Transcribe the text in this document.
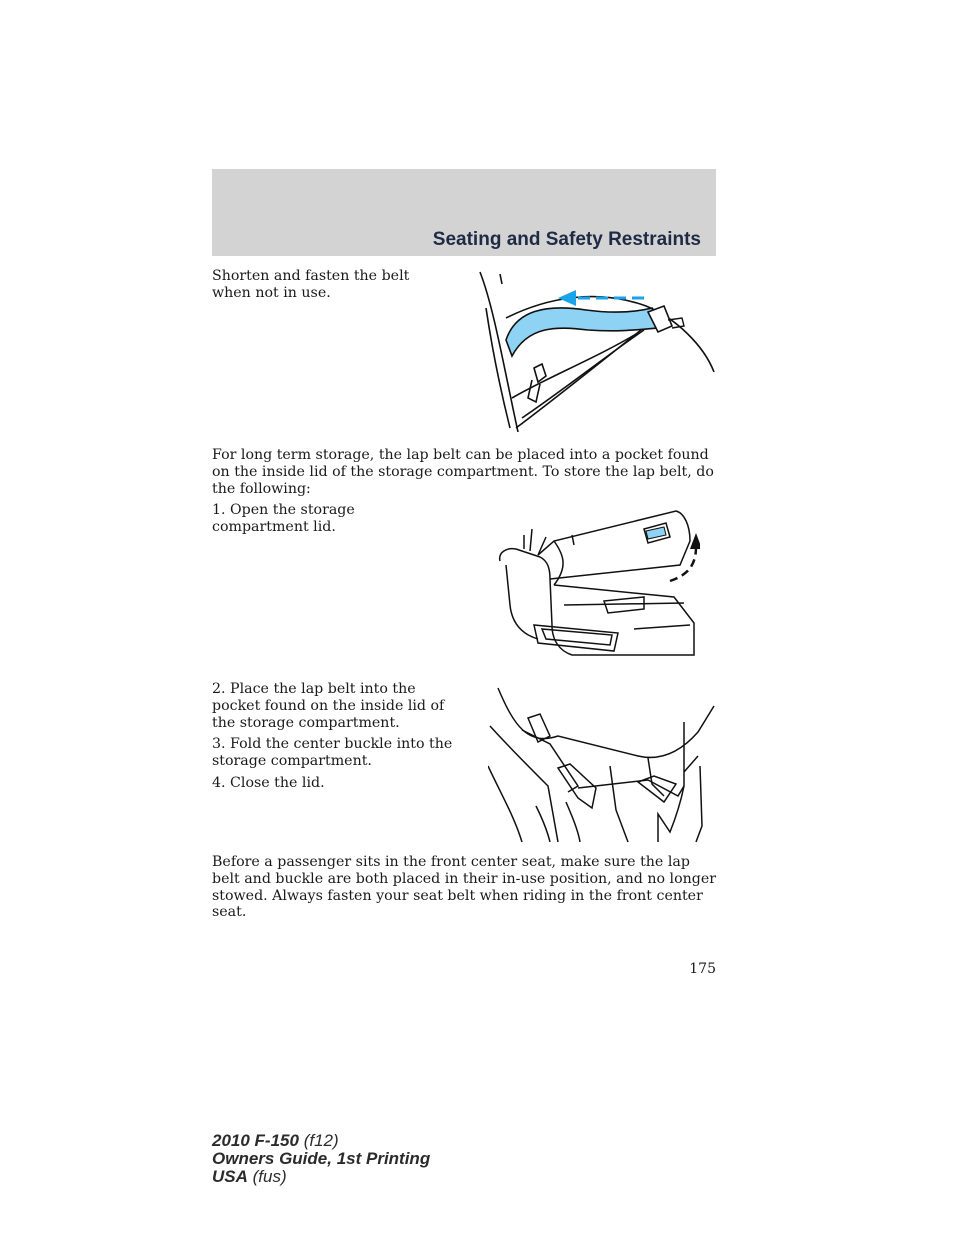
Seating and Safety Restraints

Shorten and fasten the belt when not in use.

For long term storage, the lap belt can be placed into a pocket found on the inside lid of the storage compartment. To store the lap belt, do the following:

1. Open the storage compartment lid.

2. Place the lap belt into the pocket found on the inside lid of the storage compartment.

3. Fold the center buckle into the storage compartment.

4. Close the lid.

Before a passenger sits in the front center seat, make sure the lap belt and buckle are both placed in their in-use position, and no longer stowed. Always fasten your seat belt when riding in the front center seat.

175
2010 F-150 (f12)
Owners Guide, 1st Printing
USA (fus)
